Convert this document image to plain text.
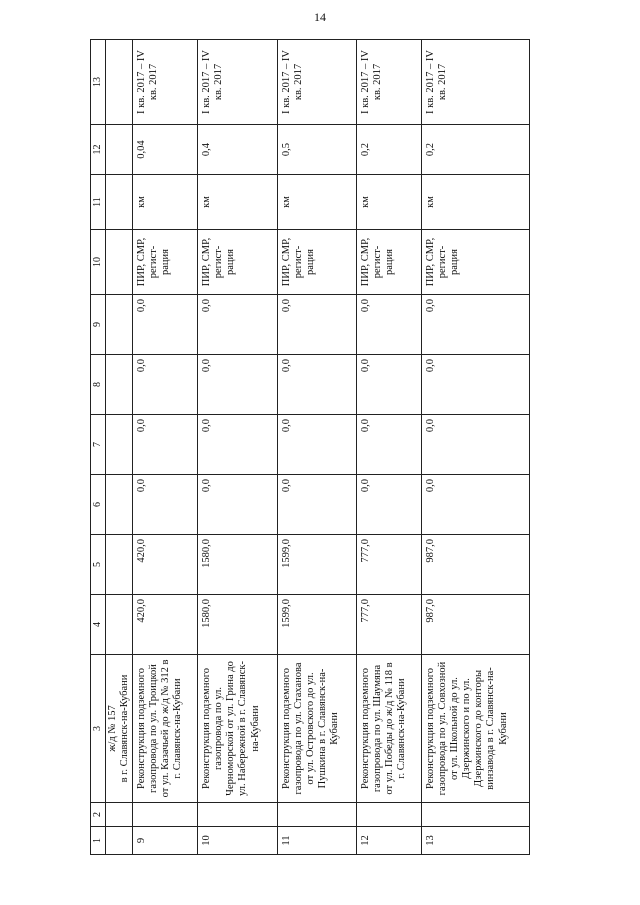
14
1	2	3	4	5	6	7	8	9	10	11	12	13

		ж/д № 157 в г. Славянск-на-Кубани										

9		Реконструкция подземного газопровода по ул. Троицкой от ул. Казачьей до ж/д № 312 в г. Славянск-на-Кубани	420,0	420,0	0,0	0,0	0,0	0,0	ПИР, СМР, регист-рация	км	0,04	I кв. 2017 – IV кв. 2017
10		Реконструкция подземного газопровода по ул. Черноморской от ул. Грина до ул. Набережной в г. Славянск-на-Кубани	1580,0	1580,0	0,0	0,0	0,0	0,0	ПИР, СМР, регист-рация	км	0,4	I кв. 2017 – IV кв. 2017
11		Реконструкция подземного газопровода по ул. Стаханова от ул. Островского до ул. Пушкина в г. Славянск-на-Кубани	1599,0	1599,0	0,0	0,0	0,0	0,0	ПИР, СМР, регист-рация	км	0,5	I кв. 2017 – IV кв. 2017
12		Реконструкция подземного газопровода по ул. Шаумяна от ул. Победы до ж/д № 118 в г. Славянск-на-Кубани	777,0	777,0	0,0	0,0	0,0	0,0	ПИР, СМР, регист-рация	км	0,2	I кв. 2017 – IV кв. 2017
13		Реконструкция подземного газопровода по ул. Совхозной от ул. Школьной до ул. Дзержинского и по ул. Дзержинского до конторы винзавода в г. Славянск-на-Кубани	987,0	987,0	0,0	0,0	0,0	0,0	ПИР, СМР, регист-рация	км	0,2	I кв. 2017 – IV кв. 2017
